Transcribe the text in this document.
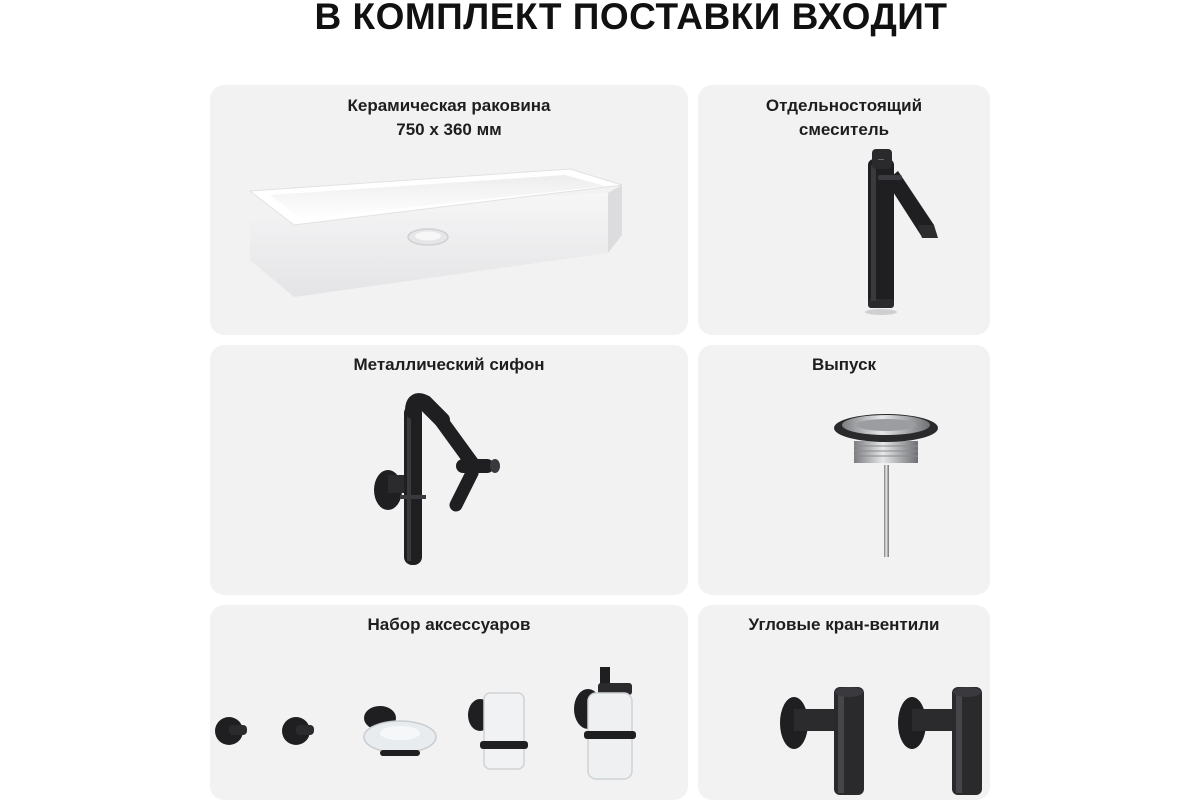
В КОМПЛЕКТ ПОСТАВКИ ВХОДИТ
Керамическая раковина
750 х 360 мм
Отдельностоящий
смеситель
—
Металлический сифон	Выпуск
Набор аксессуаров	Угловые кран-вентили
